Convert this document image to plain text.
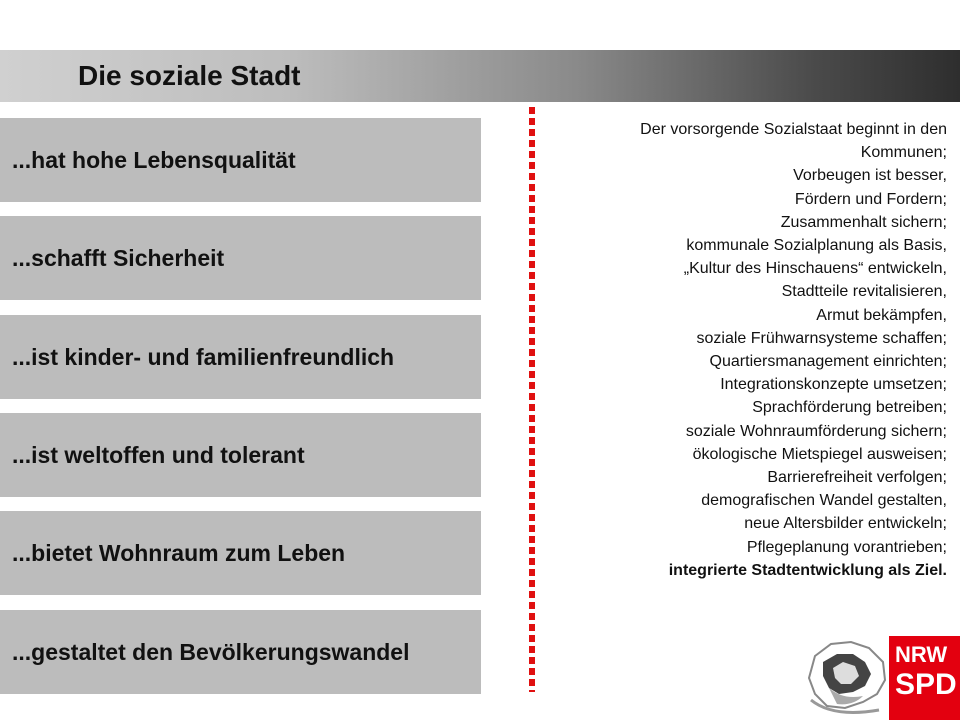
Die soziale Stadt
...hat hohe Lebensqualität
...schafft Sicherheit
...ist kinder- und familienfreundlich
...ist weltoffen und tolerant
...bietet Wohnraum zum Leben
...gestaltet den Bevölkerungswandel
Der vorsorgende Sozialstaat beginnt in den
Kommunen;
Vorbeugen ist besser,
Fördern und Fordern;
Zusammenhalt sichern;
kommunale Sozialplanung als Basis,
„Kultur des Hinschauens“ entwickeln,
Stadtteile revitalisieren,
Armut bekämpfen,
soziale Frühwarnsysteme schaffen;
Quartiersmanagement einrichten;
Integrationskonzepte umsetzen;
Sprachförderung betreiben;
soziale Wohnraumförderung sichern;
ökologische Mietspiegel ausweisen;
Barrierefreiheit verfolgen;
demografischen Wandel gestalten,
neue Altersbilder entwickeln;
Pflegeplanung vorantrieben;
integrierte Stadtentwicklung als Ziel.
NRW
SPD
